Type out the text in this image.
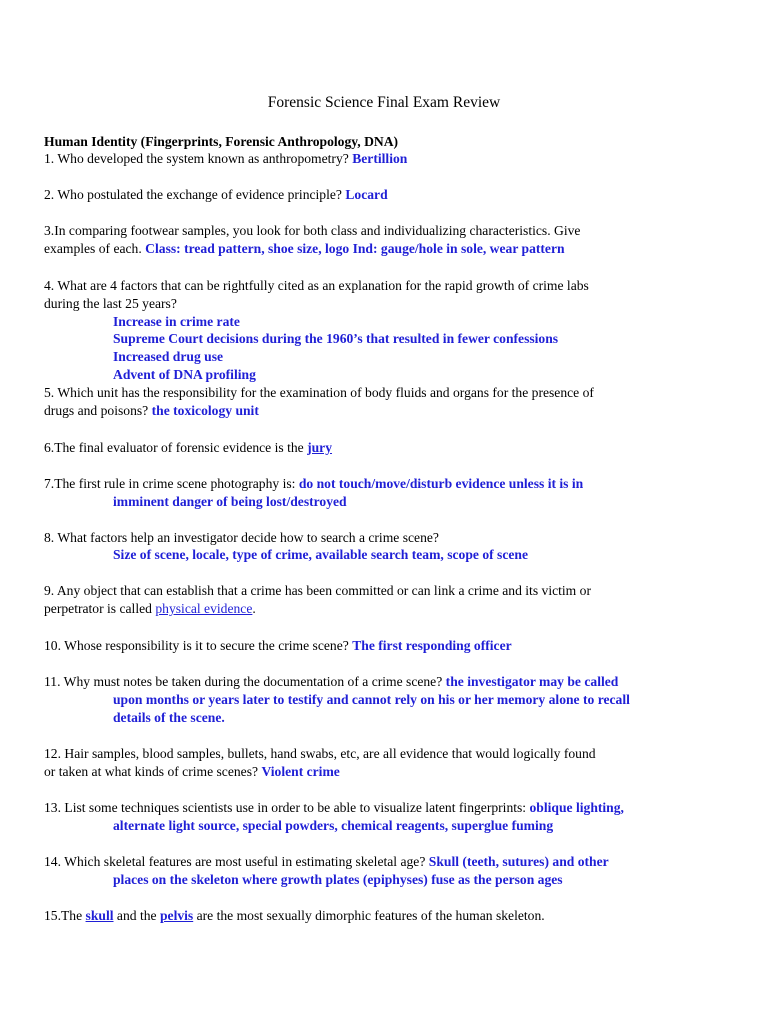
Forensic Science Final Exam Review
Human Identity (Fingerprints, Forensic Anthropology, DNA)
1. Who developed the system known as anthropometry? Bertillion
2. Who postulated the exchange of evidence principle? Locard
3.In comparing footwear samples, you look for both class and individualizing characteristics. Give
examples of each. Class: tread pattern, shoe size, logo Ind: gauge/hole in sole, wear pattern
4. What are 4 factors that can be rightfully cited as an explanation for the rapid growth of crime labs
during the last 25 years?
Increase in crime rate
Supreme Court decisions during the 1960’s that resulted in fewer confessions
Increased drug use
Advent of DNA profiling
5. Which unit has the responsibility for the examination of body fluids and organs for the presence of
drugs and poisons? the toxicology unit
6.The final evaluator of forensic evidence is the jury
7.The first rule in crime scene photography is: do not touch/move/disturb evidence unless it is in
imminent danger of being lost/destroyed
8. What factors help an investigator decide how to search a crime scene?
Size of scene, locale, type of crime, available search team, scope of scene
9. Any object that can establish that a crime has been committed or can link a crime and its victim or
perpetrator is called physical evidence.
10. Whose responsibility is it to secure the crime scene? The first responding officer
11. Why must notes be taken during the documentation of a crime scene? the investigator may be called
upon months or years later to testify and cannot rely on his or her memory alone to recall
details of the scene.
12. Hair samples, blood samples, bullets, hand swabs, etc, are all evidence that would logically found
or taken at what kinds of crime scenes? Violent crime
13. List some techniques scientists use in order to be able to visualize latent fingerprints: oblique lighting,
alternate light source, special powders, chemical reagents, superglue fuming
14. Which skeletal features are most useful in estimating skeletal age? Skull (teeth, sutures) and other
places on the skeleton where growth plates (epiphyses) fuse as the person ages
15.The skull and the pelvis are the most sexually dimorphic features of the human skeleton.
